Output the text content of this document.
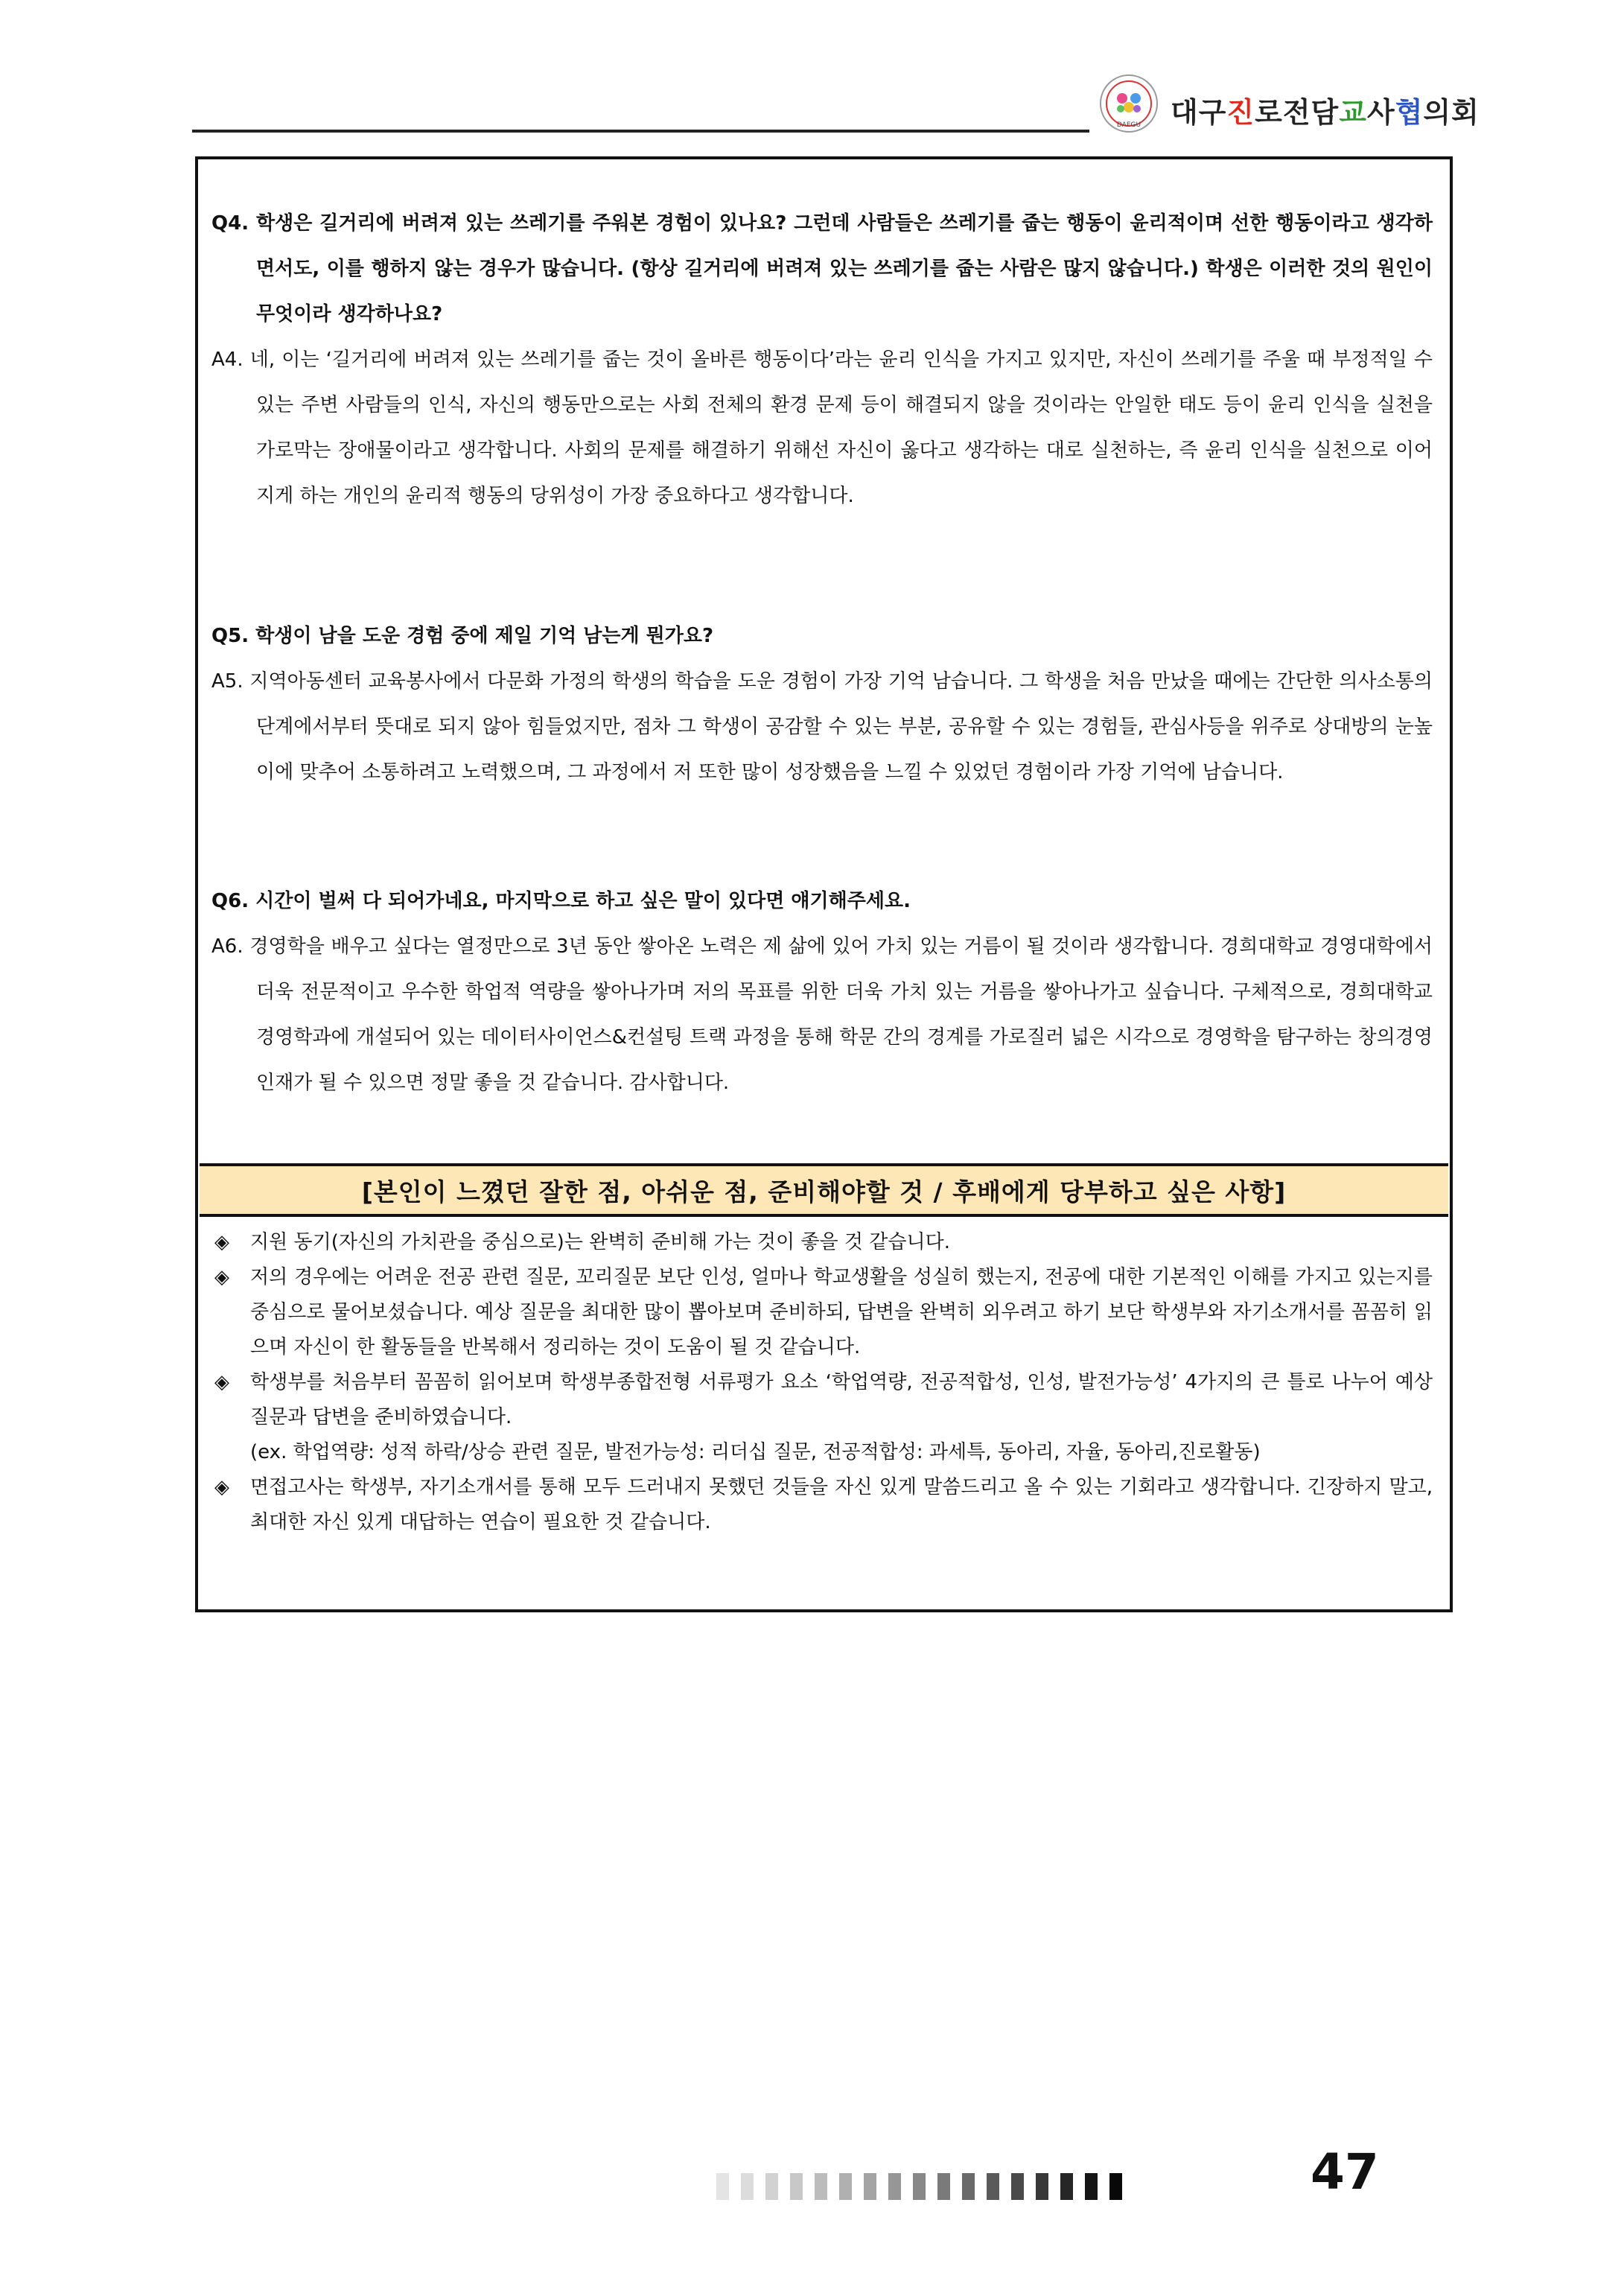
DAEGU 대구진로전담교사협의회

Q4. 학생은 길거리에 버려져 있는 쓰레기를 주워본 경험이 있나요? 그런데 사람들은 쓰레기를 줍는 행동이 윤리적이며 선한 행동이라고 생각하면서도, 이를 행하지 않는 경우가 많습니다. (항상 길거리에 버려져 있는 쓰레기를 줍는 사람은 많지 않습니다.) 학생은 이러한 것의 원인이 무엇이라 생각하나요?

A4. 네, 이는 ‘길거리에 버려져 있는 쓰레기를 줍는 것이 올바른 행동이다’라는 윤리 인식을 가지고 있지만, 자신이 쓰레기를 주울 때 부정적일 수 있는 주변 사람들의 인식, 자신의 행동만으로는 사회 전체의 환경 문제 등이 해결되지 않을 것이라는 안일한 태도 등이 윤리 인식을 실천을 가로막는 장애물이라고 생각합니다. 사회의 문제를 해결하기 위해선 자신이 옳다고 생각하는 대로 실천하는, 즉 윤리 인식을 실천으로 이어지게 하는 개인의 윤리적 행동의 당위성이 가장 중요하다고 생각합니다.

Q5. 학생이 남을 도운 경험 중에 제일 기억 남는게 뭔가요?

A5. 지역아동센터 교육봉사에서 다문화 가정의 학생의 학습을 도운 경험이 가장 기억 남습니다. 그 학생을 처음 만났을 때에는 간단한 의사소통의 단계에서부터 뜻대로 되지 않아 힘들었지만, 점차 그 학생이 공감할 수 있는 부분, 공유할 수 있는 경험들, 관심사등을 위주로 상대방의 눈높이에 맞추어 소통하려고 노력했으며, 그 과정에서 저 또한 많이 성장했음을 느낄 수 있었던 경험이라 가장 기억에 남습니다.

Q6. 시간이 벌써 다 되어가네요, 마지막으로 하고 싶은 말이 있다면 얘기해주세요.

A6. 경영학을 배우고 싶다는 열정만으로 3년 동안 쌓아온 노력은 제 삶에 있어 가치 있는 거름이 될 것이라 생각합니다. 경희대학교 경영대학에서 더욱 전문적이고 우수한 학업적 역량을 쌓아나가며 저의 목표를 위한 더욱 가치 있는 거름을 쌓아나가고 싶습니다. 구체적으로, 경희대학교 경영학과에 개설되어 있는 데이터사이언스&컨설팅 트랙 과정을 통해 학문 간의 경계를 가로질러 넓은 시각으로 경영학을 탐구하는 창의경영인재가 될 수 있으면 정말 좋을 것 같습니다. 감사합니다.

[본인이 느꼈던 잘한 점, 아쉬운 점, 준비해야할 것 / 후배에게 당부하고 싶은 사항]

◈ 지원 동기(자신의 가치관을 중심으로)는 완벽히 준비해 가는 것이 좋을 것 같습니다.

◈ 저의 경우에는 어려운 전공 관련 질문, 꼬리질문 보단 인성, 얼마나 학교생활을 성실히 했는지, 전공에 대한 기본적인 이해를 가지고 있는지를 중심으로 물어보셨습니다. 예상 질문을 최대한 많이 뽑아보며 준비하되, 답변을 완벽히 외우려고 하기 보단 학생부와 자기소개서를 꼼꼼히 읽으며 자신이 한 활동들을 반복해서 정리하는 것이 도움이 될 것 같습니다.

◈ 학생부를 처음부터 꼼꼼히 읽어보며 학생부종합전형 서류평가 요소 ‘학업역량, 전공적합성, 인성, 발전가능성’ 4가지의 큰 틀로 나누어 예상 질문과 답변을 준비하였습니다.

(ex. 학업역량: 성적 하락/상승 관련 질문, 발전가능성: 리더십 질문, 전공적합성: 과세특, 동아리, 자율, 동아리,진로활동)

◈ 면접고사는 학생부, 자기소개서를 통해 모두 드러내지 못했던 것들을 자신 있게 말씀드리고 올 수 있는 기회라고 생각합니다. 긴장하지 말고, 최대한 자신 있게 대답하는 연습이 필요한 것 같습니다.

47
